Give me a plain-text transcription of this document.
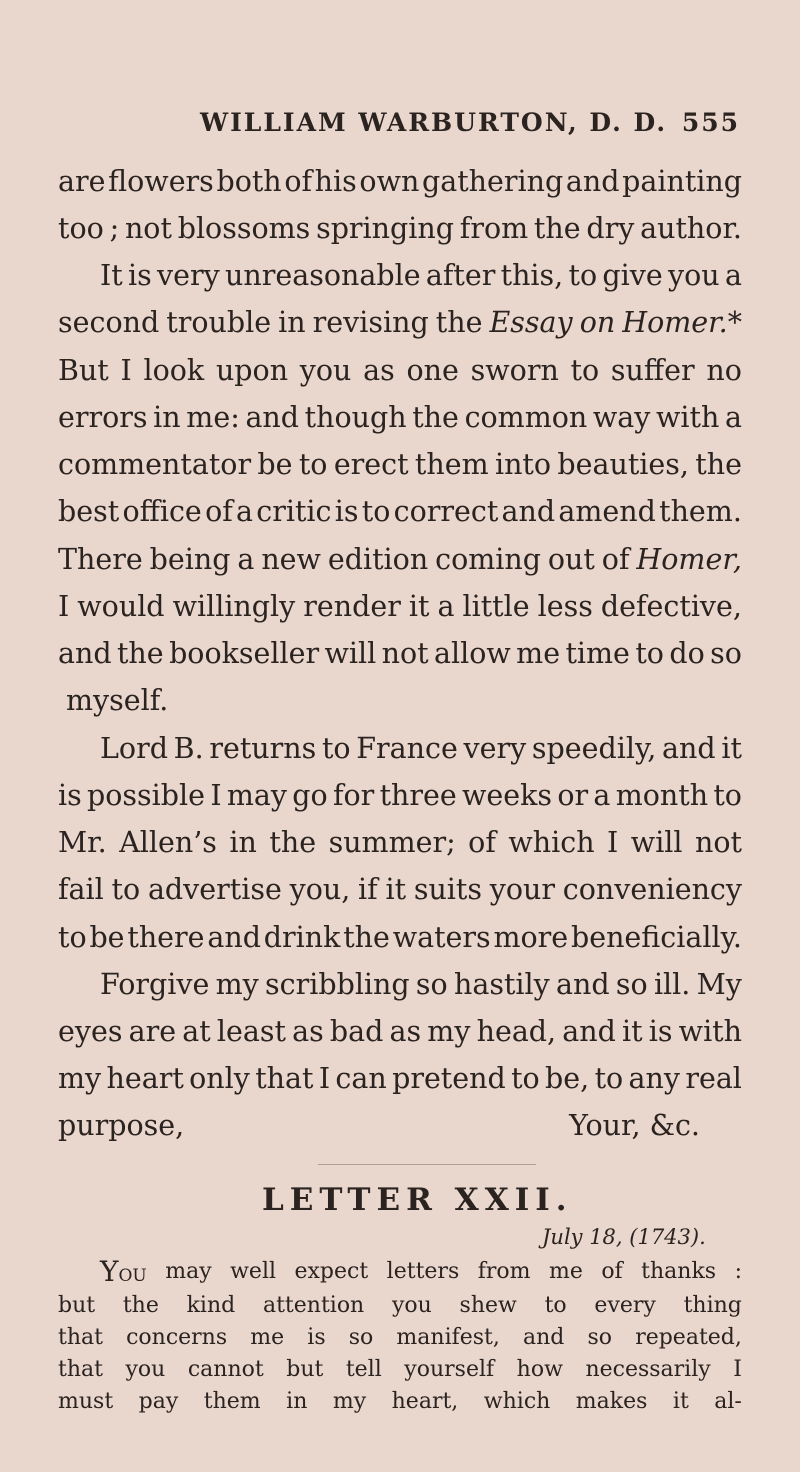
WILLIAM WARBURTON, D. D. 555
are flowers both of his own gathering and painting
too ; not blossoms springing from the dry author.
It is very unreasonable after this, to give you a
second trouble in revising the Essay on Homer.*
But I look upon you as one sworn to suffer no
errors in me: and though the common way with a
commentator be to erect them into beauties, the
best office of a critic is to correct and amend them.
There being a new edition coming out of Homer,
I would willingly render it a little less defective,
and the bookseller will not allow me time to do so
myself.
Lord B. returns to France very speedily, and it
is possible I may go for three weeks or a month to
Mr. Allen’s in the summer; of which I will not
fail to advertise you, if it suits your conveniency
to be there and drink the waters more beneficially.
Forgive my scribbling so hastily and so ill. My
eyes are at least as bad as my head, and it is with
my heart only that I can pretend to be, to any real
purpose,	Your, &c.
LETTER XXII.
July 18, (1743).
YOU may well expect letters from me of thanks :
but the kind attention you shew to every thing
that concerns me is so manifest, and so repeated,
that you cannot but tell yourself how necessarily I
must pay them in my heart, which makes it al-
